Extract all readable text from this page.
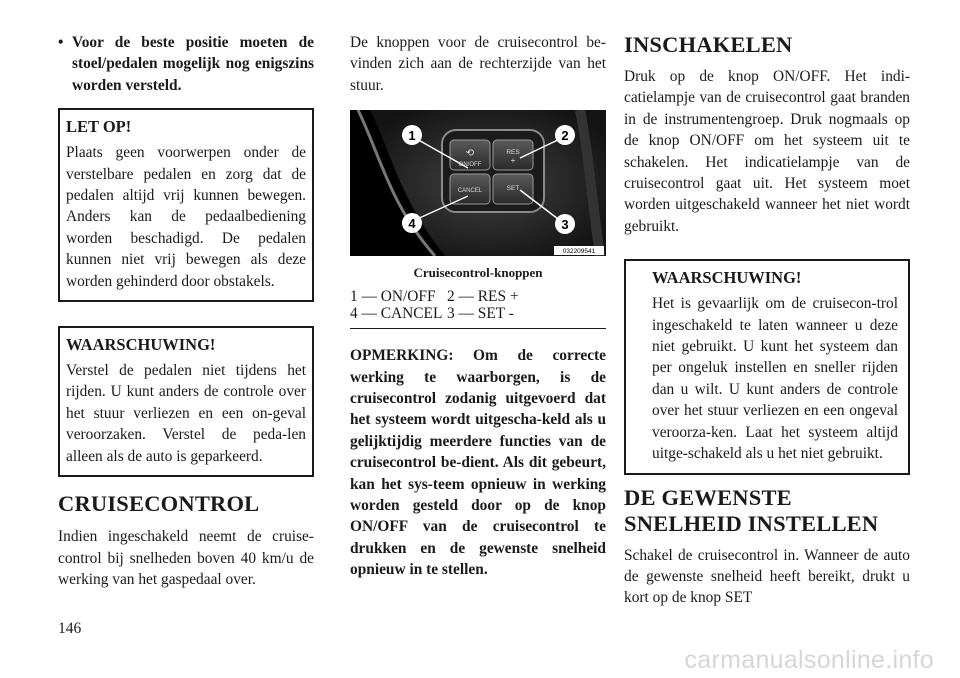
• Voor de beste positie moeten de stoel/pedalen mogelijk nog enigszins worden versteld.
LET OP!
Plaats geen voorwerpen onder de verstelbare pedalen en zorg dat de pedalen altijd vrij kunnen bewegen. Anders kan de pedaalbediening worden beschadigd. De pedalen kunnen niet vrij bewegen als deze worden gehinderd door obstakels.
WAARSCHUWING!
Verstel de pedalen niet tijdens het rijden. U kunt anders de controle over het stuur verliezen en een on-geval veroorzaken. Verstel de peda-len alleen als de auto is geparkeerd.
CRUISECONTROL
Indien ingeschakeld neemt de cruise-control bij snelheden boven 40 km/u de werking van het gaspedaal over.
De knoppen voor de cruisecontrol be-vinden zich aan de rechterzijde van het stuur.
1	2
3
4
⟲
ON/OFF
RES
+
CANCEL	SET
032209541
Cruisecontrol-knoppen
1 — ON/OFF 2 — RES +
4 — CANCEL 3 — SET -
OPMERKING: Om de correcte werking te waarborgen, is de cruisecontrol zodanig uitgevoerd dat het systeem wordt uitgescha-keld als u gelijktijdig meerdere functies van de cruisecontrol be-dient. Als dit gebeurt, kan het sys-teem opnieuw in werking worden gesteld door op de knop ON/OFF van de cruisecontrol te drukken en de gewenste snelheid opnieuw in te stellen.
INSCHAKELEN
Druk op de knop ON/OFF. Het indi-catielampje van de cruisecontrol gaat branden in de instrumentengroep. Druk nogmaals op de knop ON/OFF om het systeem uit te schakelen. Het indicatielampje van de cruisecontrol gaat uit. Het systeem moet worden uitgeschakeld wanneer het niet wordt gebruikt.
WAARSCHUWING!
Het is gevaarlijk om de cruisecon-trol ingeschakeld te laten wanneer u deze niet gebruikt. U kunt het systeem dan per ongeluk instellen en sneller rijden dan u wilt. U kunt anders de controle over het stuur verliezen en een ongeval veroorza-ken. Laat het systeem altijd uitge-schakeld als u het niet gebruikt.
DE GEWENSTE SNELHEID INSTELLEN
Schakel de cruisecontrol in. Wanneer de auto de gewenste snelheid heeft bereikt, drukt u kort op de knop SET
146
carmanualsonline.info
